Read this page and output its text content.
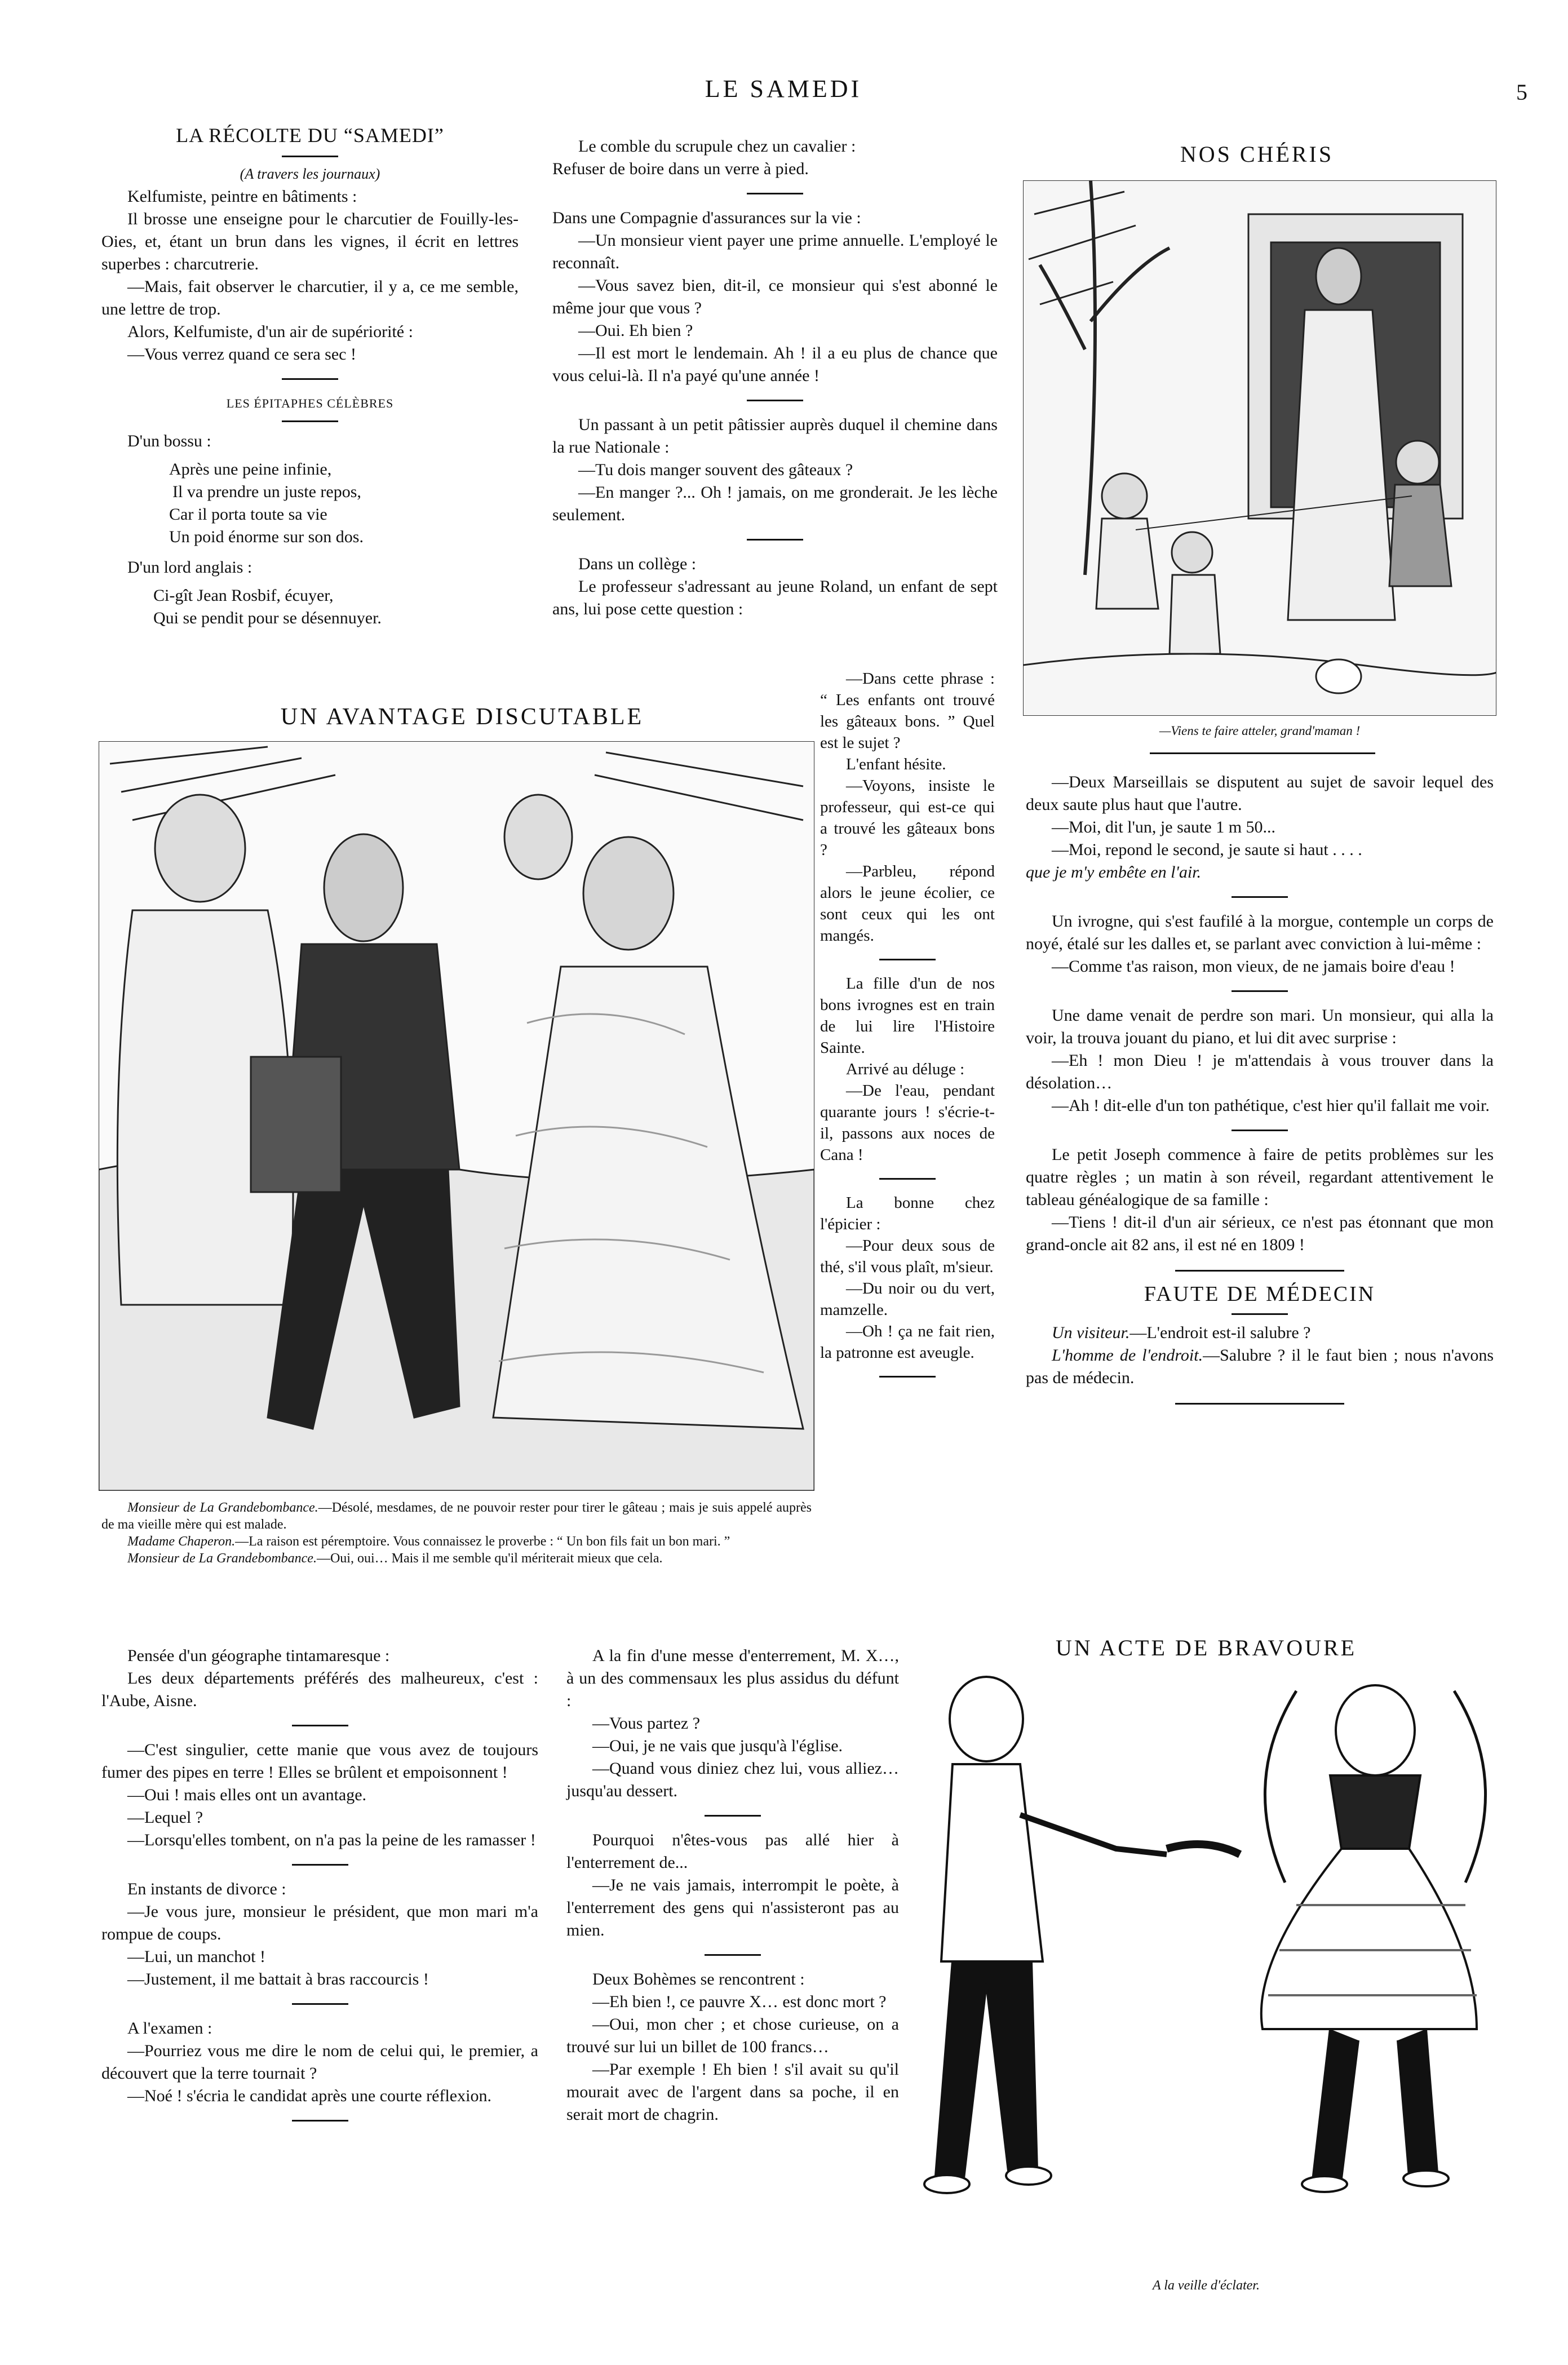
LE SAMEDI	5
LA RÉCOLTE DU “SAMEDI”
(A travers les journaux)

Kelfumiste, peintre en bâtiments :

Il brosse une enseigne pour le charcutier de Fouilly-les-Oies, et, étant un brun dans les vignes, il écrit en lettres superbes : charcutrerie.

—Mais, fait observer le charcutier, il y a, ce me semble, une lettre de trop.

Alors, Kelfumiste, d'un air de supériorité :

—Vous verrez quand ce sera sec !

LES ÉPITAPHES CÉLÈBRES

D'un bossu :

Après une peine infinie,

Il va prendre un juste repos,

Car il porta toute sa vie

Un poid énorme sur son dos.

D'un lord anglais :

Ci-gît Jean Rosbif, écuyer,

Qui se pendit pour se désennuyer.

Le comble du scrupule chez un cavalier :

Refuser de boire dans un verre à pied.

Dans une Compagnie d'assurances sur la vie :

—Un monsieur vient payer une prime annuelle. L'employé le reconnaît.

—Vous savez bien, dit-il, ce monsieur qui s'est abonné le même jour que vous ?

—Oui. Eh bien ?

—Il est mort le lendemain. Ah ! il a eu plus de chance que vous celui-là. Il n'a payé qu'une année !

Un passant à un petit pâtissier auprès duquel il chemine dans la rue Nationale :

—Tu dois manger souvent des gâteaux ?

—En manger ?... Oh ! jamais, on me gronderait. Je les lèche seulement.

Dans un collège :

Le professeur s'adressant au jeune Roland, un enfant de sept ans, lui pose cette question :

UN AVANTAGE DISCUTABLE

Monsieur de La Grandebombance.—Désolé, mesdames, de ne pouvoir rester pour tirer le gâteau ; mais je suis appelé auprès de ma vieille mère qui est malade.

Madame Chaperon.—La raison est péremptoire. Vous connaissez le proverbe : “ Un bon fils fait un bon mari. ”

Monsieur de La Grandebombance.—Oui, oui… Mais il me semble qu'il mériterait mieux que cela.

—Dans cette phrase : “ Les enfants ont trouvé les gâteaux bons. ” Quel est le sujet ?

L'enfant hésite.

—Voyons, insiste le professeur, qui est-ce qui a trouvé les gâteaux bons ?

—Parbleu, répond alors le jeune écolier, ce sont ceux qui les ont mangés.

La fille d'un de nos bons ivrognes est en train de lui lire l'Histoire Sainte.

Arrivé au déluge :

—De l'eau, pendant quarante jours ! s'écrie-t-il, passons aux noces de Cana !

La bonne chez l'épicier :

—Pour deux sous de thé, s'il vous plaît, m'sieur.

—Du noir ou du vert, mamzelle.

—Oh ! ça ne fait rien, la patronne est aveugle.

NOS CHÉRIS
—Viens te faire atteler, grand'maman !

—Deux Marseillais se disputent au sujet de savoir lequel des deux saute plus haut que l'autre.

—Moi, dit l'un, je saute 1 m 50...

—Moi, repond le second, je saute si haut . . . .

que je m'y embête en l'air.

Un ivrogne, qui s'est faufilé à la morgue, contemple un corps de noyé, étalé sur les dalles et, se parlant avec conviction à lui-même :

—Comme t'as raison, mon vieux, de ne jamais boire d'eau !

Une dame venait de perdre son mari. Un monsieur, qui alla la voir, la trouva jouant du piano, et lui dit avec surprise :

—Eh ! mon Dieu ! je m'attendais à vous trouver dans la désolation…

—Ah ! dit-elle d'un ton pathétique, c'est hier qu'il fallait me voir.

Le petit Joseph commence à faire de petits problèmes sur les quatre règles ; un matin à son réveil, regardant attentivement le tableau généalogique de sa famille :

—Tiens ! dit-il d'un air sérieux, ce n'est pas étonnant que mon grand-oncle ait 82 ans, il est né en 1809 !

FAUTE DE MÉDECIN

Un visiteur.—L'endroit est-il salubre ?

L'homme de l'endroit.—Salubre ? il le faut bien ; nous n'avons pas de médecin.

UN ACTE DE BRAVOURE
A la veille d'éclater.

Pensée d'un géographe tintamaresque :

Les deux départements préférés des malheureux, c'est : l'Aube, Aisne.

—C'est singulier, cette manie que vous avez de toujours fumer des pipes en terre ! Elles se brûlent et empoisonnent !

—Oui ! mais elles ont un avantage.

—Lequel ?

—Lorsqu'elles tombent, on n'a pas la peine de les ramasser !

En instants de divorce :

—Je vous jure, monsieur le président, que mon mari m'a rompue de coups.

—Lui, un manchot !

—Justement, il me battait à bras raccourcis !

A l'examen :

—Pourriez vous me dire le nom de celui qui, le premier, a découvert que la terre tournait ?

—Noé ! s'écria le candidat après une courte réflexion.

A la fin d'une messe d'enterrement, M. X…, à un des commensaux les plus assidus du défunt :

—Vous partez ?

—Oui, je ne vais que jusqu'à l'église.

—Quand vous diniez chez lui, vous alliez… jusqu'au dessert.

Pourquoi n'êtes-vous pas allé hier à l'enterrement de...

—Je ne vais jamais, interrompit le poète, à l'enterrement des gens qui n'assisteront pas au mien.

Deux Bohèmes se rencontrent :

—Eh bien !, ce pauvre X… est donc mort ?

—Oui, mon cher ; et chose curieuse, on a trouvé sur lui un billet de 100 francs…

—Par exemple ! Eh bien ! s'il avait su qu'il mourait avec de l'argent dans sa poche, il en serait mort de chagrin.
